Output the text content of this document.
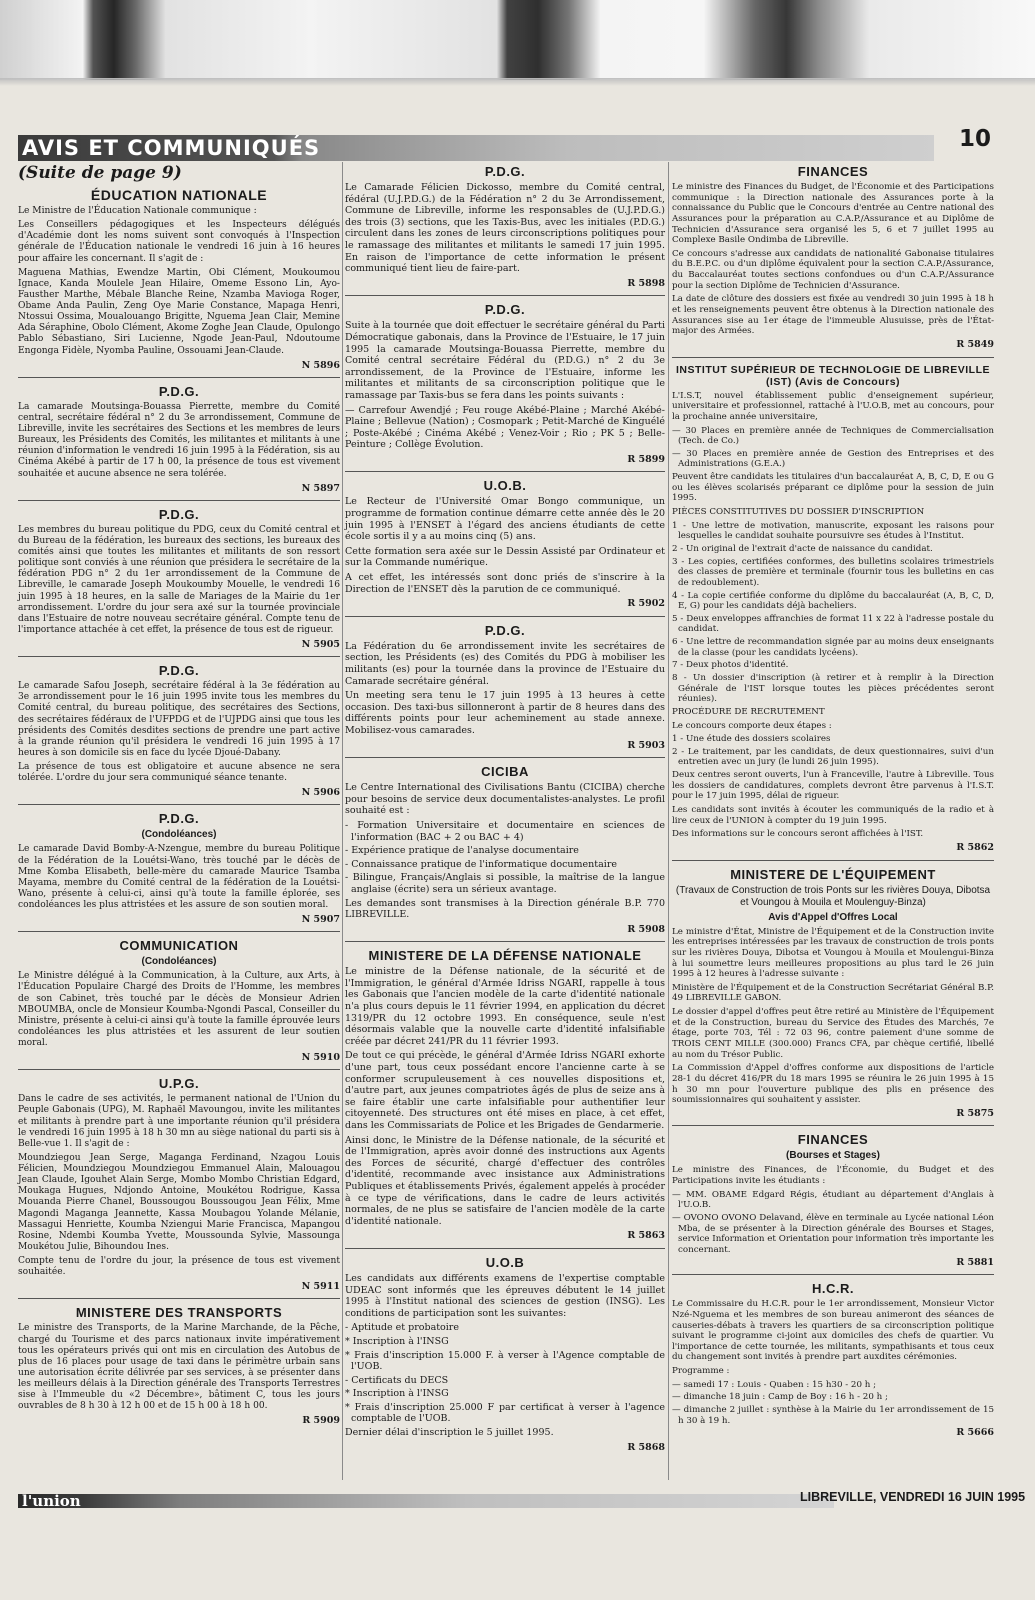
AVIS ET COMMUNIQUÉS	10
(Suite de page 9)
ÉDUCATION NATIONALE

Le Ministre de l'Éducation Nationale communique :

Les Conseillers pédagogiques et les Inspecteurs délégués d'Académie dont les noms suivent sont convoqués à l'Inspection générale de l'Éducation nationale le vendredi 16 juin à 16 heures pour affaire les concernant. Il s'agit de :

Maguena Mathias, Ewendze Martin, Obi Clément, Moukoumou Ignace, Kanda Moulele Jean Hilaire, Omeme Essono Lin, Ayo-Fausther Marthe, Mébale Blanche Reine, Nzamba Mavioga Roger, Obame Anda Paulin, Zeng Oye Marie Constance, Mapaga Henri, Ntossui Ossima, Moualouango Brigitte, Nguema Jean Clair, Memine Ada Séraphine, Obolo Clément, Akome Zoghe Jean Claude, Opulongo Pablo Sébastiano, Siri Lucienne, Ngode Jean-Paul, Ndoutoume Engonga Fidèle, Nyomba Pauline, Ossouami Jean-Claude.

N 5896
P.D.G.

La camarade Moutsinga-Bouassa Pierrette, membre du Comité central, secrétaire fédéral n° 2 du 3e arrondissement, Commune de Libreville, invite les secrétaires des Sections et les membres de leurs Bureaux, les Présidents des Comités, les militantes et militants à une réunion d'information le vendredi 16 juin 1995 à la Fédération, sis au Cinéma Akébé à partir de 17 h 00, la présence de tous est vivement souhaitée et aucune absence ne sera tolérée.

N 5897
P.D.G.

Les membres du bureau politique du PDG, ceux du Comité central et du Bureau de la fédération, les bureaux des sections, les bureaux des comités ainsi que toutes les militantes et militants de son ressort politique sont conviés à une réunion que présidera le secrétaire de la fédération PDG n° 2 du 1er arrondissement de la Commune de Libreville, le camarade Joseph Moukoumby Mouelle, le vendredi 16 juin 1995 à 18 heures, en la salle de Mariages de la Mairie du 1er arrondissement. L'ordre du jour sera axé sur la tournée provinciale dans l'Estuaire de notre nouveau secrétaire général. Compte tenu de l'importance attachée à cet effet, la présence de tous est de rigueur.

N 5905
P.D.G.

Le camarade Safou Joseph, secrétaire fédéral à la 3e fédération au 3e arrondissement pour le 16 juin 1995 invite tous les membres du Comité central, du bureau politique, des secrétaires des Sections, des secrétaires fédéraux de l'UFPDG et de l'UJPDG ainsi que tous les présidents des Comités desdites sections de prendre une part active à la grande réunion qu'il présidera le vendredi 16 juin 1995 à 17 heures à son domicile sis en face du lycée Djoué-Dabany.

La présence de tous est obligatoire et aucune absence ne sera tolérée. L'ordre du jour sera communiqué séance tenante.

N 5906
P.D.G.
(Condoléances)

Le camarade David Bomby-A-Nzengue, membre du bureau Politique de la Fédération de la Louétsi-Wano, très touché par le décès de Mme Komba Elisabeth, belle-mère du camarade Maurice Tsamba Mayama, membre du Comité central de la fédération de la Louétsi-Wano, présente à celui-ci, ainsi qu'à toute la famille éplorée, ses condoléances les plus attristées et les assure de son soutien moral.

N 5907
COMMUNICATION
(Condoléances)

Le Ministre délégué à la Communication, à la Culture, aux Arts, à l'Éducation Populaire Chargé des Droits de l'Homme, les membres de son Cabinet, très touché par le décès de Monsieur Adrien MBOUMBA, oncle de Monsieur Koumba-Ngondi Pascal, Conseiller du Ministre, présente à celui-ci ainsi qu'à toute la famille éprouvée leurs condoléances les plus attristées et les assurent de leur soutien moral.

N 5910
U.P.G.

Dans le cadre de ses activités, le permanent national de l'Union du Peuple Gabonais (UPG), M. Raphaël Mavoungou, invite les militantes et militants à prendre part à une importante réunion qu'il présidera le vendredi 16 juin 1995 à 18 h 30 mn au siège national du parti sis à Belle-vue 1. Il s'agit de :

Moundziegou Jean Serge, Maganga Ferdinand, Nzagou Louis Félicien, Moundziegou Moundziegou Emmanuel Alain, Malouagou Jean Claude, Igouhet Alain Serge, Mombo Mombo Christian Edgard, Moukaga Hugues, Ndjondo Antoine, Moukétou Rodrigue, Kassa Mouanda Pierre Chanel, Boussougou Boussougou Jean Félix, Mme Magondi Maganga Jeannette, Kassa Moubagou Yolande Mélanie, Massagui Henriette, Koumba Nziengui Marie Francisca, Mapangou Rosine, Ndembi Koumba Yvette, Moussounda Sylvie, Massounga Moukétou Julie, Bihoundou Ines.

Compte tenu de l'ordre du jour, la présence de tous est vivement souhaitée.

N 5911
MINISTERE DES TRANSPORTS

Le ministre des Transports, de la Marine Marchande, de la Pêche, chargé du Tourisme et des parcs nationaux invite impérativement tous les opérateurs privés qui ont mis en circulation des Autobus de plus de 16 places pour usage de taxi dans le périmètre urbain sans une autorisation écrite délivrée par ses services, à se présenter dans les meilleurs délais à la Direction générale des Transports Terrestres sise à l'Immeuble du «2 Décembre», bâtiment C, tous les jours ouvrables de 8 h 30 à 12 h 00 et de 15 h 00 à 18 h 00.

R 5909
P.D.G.

Le Camarade Félicien Dickosso, membre du Comité central, fédéral (U.J.P.D.G.) de la Fédération n° 2 du 3e Arrondissement, Commune de Libreville, informe les responsables de (U.J.P.D.G.) des trois (3) sections, que les Taxis-Bus, avec les initiales (P.D.G.) circulent dans les zones de leurs circonscriptions politiques pour le ramassage des militantes et militants le samedi 17 juin 1995. En raison de l'importance de cette information le présent communiqué tient lieu de faire-part.

R 5898
P.D.G.

Suite à la tournée que doit effectuer le secrétaire général du Parti Démocratique gabonais, dans la Province de l'Estuaire, le 17 juin 1995 la camarade Moutsinga-Bouassa Pierrette, membre du Comité central secrétaire Fédéral du (P.D.G.) n° 2 du 3e arrondissement, de la Province de l'Estuaire, informe les militantes et militants de sa circonscription politique que le ramassage par Taxis-bus se fera dans les points suivants :

— Carrefour Awendjé ; Feu rouge Akébé-Plaine ; Marché Akébé-Plaine ; Bellevue (Nation) ; Cosmopark ; Petit-Marché de Kinguélé ; Poste-Akébé ; Cinéma Akébé ; Venez-Voir ; Rio ; PK 5 ; Belle-Peinture ; Collège Évolution.

R 5899
U.O.B.

Le Recteur de l'Université Omar Bongo communique, un programme de formation continue démarre cette année dès le 20 juin 1995 à l'ENSET à l'égard des anciens étudiants de cette école sortis il y a au moins cinq (5) ans.

Cette formation sera axée sur le Dessin Assisté par Ordinateur et sur la Commande numérique.

A cet effet, les intéressés sont donc priés de s'inscrire à la Direction de l'ENSET dès la parution de ce communiqué.

R 5902
P.D.G.

La Fédération du 6e arrondissement invite les secrétaires de section, les Présidents (es) des Comités du PDG à mobiliser les militants (es) pour la tournée dans la province de l'Estuaire du Camarade secrétaire général.

Un meeting sera tenu le 17 juin 1995 à 13 heures à cette occasion. Des taxi-bus sillonneront à partir de 8 heures dans des différents points pour leur acheminement au stade annexe. Mobilisez-vous camarades.

R 5903
CICIBA

Le Centre International des Civilisations Bantu (CICIBA) cherche pour besoins de service deux documentalistes-analystes. Le profil souhaité est :

- Formation Universitaire et documentaire en sciences de l'information (BAC + 2 ou BAC + 4)

- Expérience pratique de l'analyse documentaire

- Connaissance pratique de l'informatique documentaire

- Bilingue, Français/Anglais si possible, la maîtrise de la langue anglaise (écrite) sera un sérieux avantage.

Les demandes sont transmises à la Direction générale B.P. 770 LIBREVILLE.

R 5908
MINISTERE DE LA DÉFENSE NATIONALE

Le ministre de la Défense nationale, de la sécurité et de l'Immigration, le général d'Armée Idriss NGARI, rappelle à tous les Gabonais que l'ancien modèle de la carte d'identité nationale n'a plus cours depuis le 11 février 1994, en application du décret 1319/PR du 12 octobre 1993. En conséquence, seule n'est désormais valable que la nouvelle carte d'identité infalsifiable créée par décret 241/PR du 11 février 1993.

De tout ce qui précède, le général d'Armée Idriss NGARI exhorte d'une part, tous ceux possédant encore l'ancienne carte à se conformer scrupuleusement à ces nouvelles dispositions et, d'autre part, aux jeunes compatriotes âgés de plus de seize ans à se faire établir une carte infalsifiable pour authentifier leur citoyenneté. Des structures ont été mises en place, à cet effet, dans les Commissariats de Police et les Brigades de Gendarmerie.

Ainsi donc, le Ministre de la Défense nationale, de la sécurité et de l'Immigration, après avoir donné des instructions aux Agents des Forces de sécurité, chargé d'effectuer des contrôles d'identité, recommande avec insistance aux Administrations Publiques et établissements Privés, également appelés à procéder à ce type de vérifications, dans le cadre de leurs activités normales, de ne plus se satisfaire de l'ancien modèle de la carte d'identité nationale.

R 5863
U.O.B

Les candidats aux différents examens de l'expertise comptable UDEAC sont informés que les épreuves débutent le 14 juillet 1995 à l'Institut national des sciences de gestion (INSG). Les conditions de participation sont les suivantes:

- Aptitude et probatoire

* Inscription à l'INSG

* Frais d'inscription 15.000 F. à verser à l'Agence comptable de l'UOB.

- Certificats du DECS

* Inscription à l'INSG

* Frais d'inscription 25.000 F par certificat à verser à l'agence comptable de l'UOB.

Dernier délai d'inscription le 5 juillet 1995.

R 5868
FINANCES

Le ministre des Finances du Budget, de l'Économie et des Participations communique : la Direction nationale des Assurances porte à la connaissance du Public que le Concours d'entrée au Centre national des Assurances pour la préparation au C.A.P./Assurance et au Diplôme de Technicien d'Assurance sera organisé les 5, 6 et 7 juillet 1995 au Complexe Basile Ondimba de Libreville.

Ce concours s'adresse aux candidats de nationalité Gabonaise titulaires du B.E.P.C. ou d'un diplôme équivalent pour la section C.A.P./Assurance, du Baccalauréat toutes sections confondues ou d'un C.A.P./Assurance pour la section Diplôme de Technicien d'Assurance.

La date de clôture des dossiers est fixée au vendredi 30 juin 1995 à 18 h et les renseignements peuvent être obtenus à la Direction nationale des Assurances sise au 1er étage de l'immeuble Alusuisse, près de l'État-major des Armées.

R 5849
INSTITUT SUPÉRIEUR DE TECHNOLOGIE DE LIBREVILLE (IST) (Avis de Concours)

L'I.S.T, nouvel établissement public d'enseignement supérieur, universitaire et professionnel, rattaché à l'U.O.B, met au concours, pour la prochaine année universitaire,

— 30 Places en première année de Techniques de Commercialisation (Tech. de Co.)

— 30 Places en première année de Gestion des Entreprises et des Administrations (G.E.A.)

Peuvent être candidats les titulaires d'un baccalauréat A, B, C, D, E ou G ou les élèves scolarisés préparant ce diplôme pour la session de juin 1995.

PIÈCES CONSTITUTIVES DU DOSSIER D'INSCRIPTION

1 - Une lettre de motivation, manuscrite, exposant les raisons pour lesquelles le candidat souhaite poursuivre ses études à l'Institut.

2 - Un original de l'extrait d'acte de naissance du candidat.

3 - Les copies, certifiées conformes, des bulletins scolaires trimestriels des classes de première et terminale (fournir tous les bulletins en cas de redoublement).

4 - La copie certifiée conforme du diplôme du baccalauréat (A, B, C, D, E, G) pour les candidats déjà bacheliers.

5 - Deux enveloppes affranchies de format 11 x 22 à l'adresse postale du candidat.

6 - Une lettre de recommandation signée par au moins deux enseignants de la classe (pour les candidats lycéens).

7 - Deux photos d'identité.

8 - Un dossier d'inscription (à retirer et à remplir à la Direction Générale de l'IST lorsque toutes les pièces précédentes seront réunies).

PROCÉDURE DE RECRUTEMENT

Le concours comporte deux étapes :

1 - Une étude des dossiers scolaires

2 - Le traitement, par les candidats, de deux questionnaires, suivi d'un entretien avec un jury (le lundi 26 juin 1995).

Deux centres seront ouverts, l'un à Franceville, l'autre à Libreville. Tous les dossiers de candidatures, complets devront être parvenus à l'I.S.T. pour le 17 juin 1995, délai de rigueur.

Les candidats sont invités à écouter les communiqués de la radio et à lire ceux de l'UNION à compter du 19 juin 1995.

Des informations sur le concours seront affichées à l'IST.

R 5862
MINISTERE DE L'ÉQUIPEMENT
(Travaux de Construction de trois Ponts sur les rivières Douya, Dibotsa et Voungou à Mouila et Moulenguy-Binza)
Avis d'Appel d'Offres Local

Le ministre d'État, Ministre de l'Équipement et de la Construction invite les entreprises intéressées par les travaux de construction de trois ponts sur les rivières Douya, Dibotsa et Voungou à Mouila et Moulengui-Binza à lui soumettre leurs meilleures propositions au plus tard le 26 juin 1995 à 12 heures à l'adresse suivante :

Ministère de l'Équipement et de la Construction Secrétariat Général B.P. 49 LIBREVILLE GABON.

Le dossier d'appel d'offres peut être retiré au Ministère de l'Équipement et de la Construction, bureau du Service des Études des Marchés, 7e étage, porte 703, Tél : 72 03 96, contre paiement d'une somme de TROIS CENT MILLE (300.000) Francs CFA, par chèque certifié, libellé au nom du Trésor Public.

La Commission d'Appel d'offres conforme aux dispositions de l'article 28-1 du décret 416/PR du 18 mars 1995 se réunira le 26 juin 1995 à 15 h 30 mn pour l'ouverture publique des plis en présence des soumissionnaires qui souhaitent y assister.

R 5875
FINANCES
(Bourses et Stages)

Le ministre des Finances, de l'Économie, du Budget et des Participations invite les étudiants :

— MM. OBAME Edgard Régis, étudiant au département d'Anglais à l'U.O.B.

— OVONO OVONO Delavand, élève en terminale au Lycée national Léon Mba, de se présenter à la Direction générale des Bourses et Stages, service Information et Orientation pour information très importante les concernant.

R 5881
H.C.R.

Le Commissaire du H.C.R. pour le 1er arrondissement, Monsieur Victor Nzé-Nguema et les membres de son bureau animeront des séances de causeries-débats à travers les quartiers de sa circonscription politique suivant le programme ci-joint aux domiciles des chefs de quartier. Vu l'importance de cette tournée, les militants, sympathisants et tous ceux du changement sont invités à prendre part auxdites cérémonies.

Programme :

— samedi 17 : Louis - Quaben : 15 h30 - 20 h ;

— dimanche 18 juin : Camp de Boy : 16 h - 20 h ;

— dimanche 2 juillet : synthèse à la Mairie du 1er arrondissement de 15 h 30 à 19 h.

R 5666
l'union	LIBREVILLE, VENDREDI 16 JUIN 1995
